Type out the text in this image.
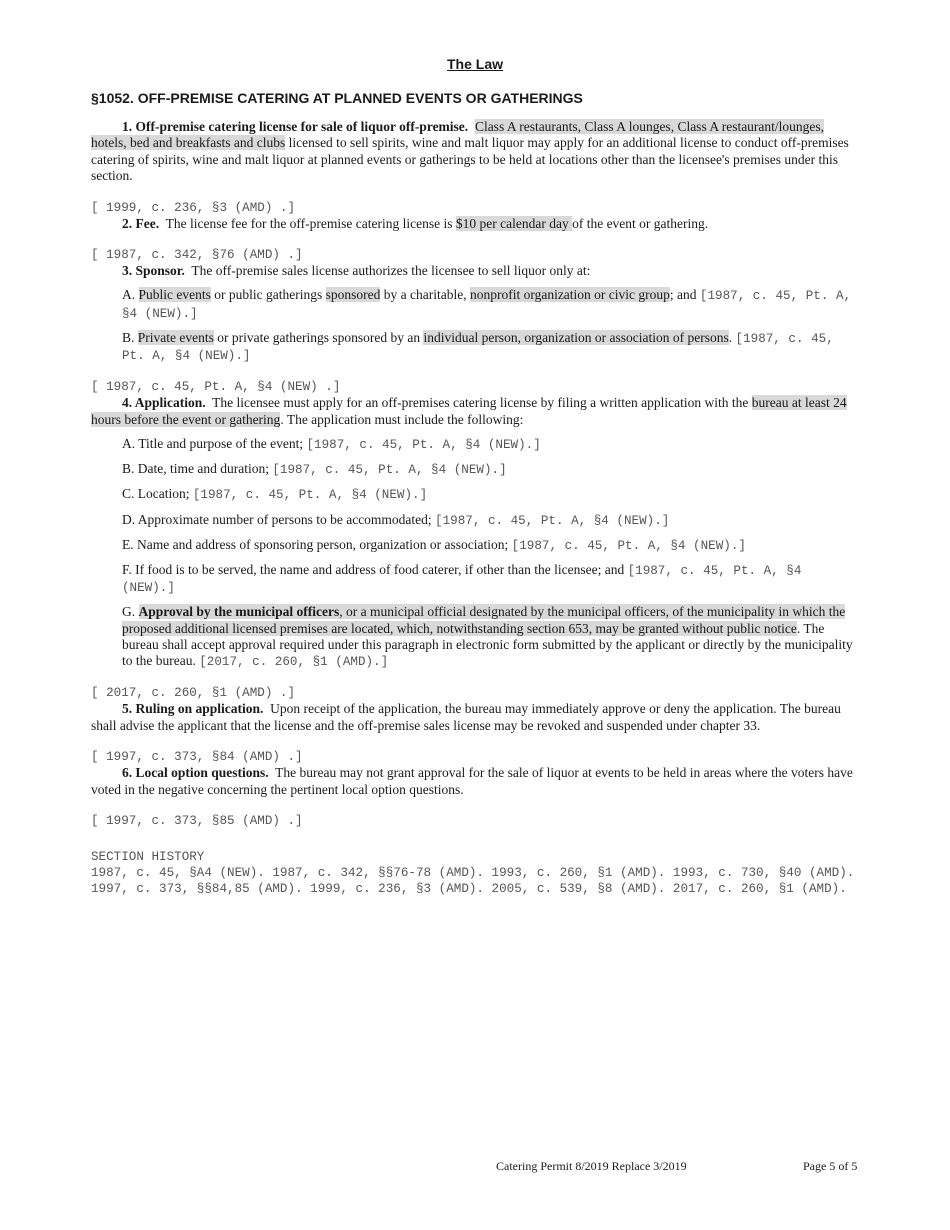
The Law
§1052. OFF-PREMISE CATERING AT PLANNED EVENTS OR GATHERINGS

1. Off-premise catering license for sale of liquor off-premise. Class A restaurants, Class A lounges, Class A restaurant/lounges, hotels, bed and breakfasts and clubs licensed to sell spirits, wine and malt liquor may apply for an additional license to conduct off-premises catering of spirits, wine and malt liquor at planned events or gatherings to be held at locations other than the licensee's premises under this section.

[ 1999, c. 236, §3 (AMD) .]

2. Fee. The license fee for the off-premise catering license is $10 per calendar day of the event or gathering.

[ 1987, c. 342, §76 (AMD) .]

3. Sponsor. The off-premise sales license authorizes the licensee to sell liquor only at:

A. Public events or public gatherings sponsored by a charitable, nonprofit organization or civic group; and [1987, c. 45, Pt. A, §4 (NEW).]

B. Private events or private gatherings sponsored by an individual person, organization or association of persons. [1987, c. 45, Pt. A, §4 (NEW).]

[ 1987, c. 45, Pt. A, §4 (NEW) .]

4. Application. The licensee must apply for an off-premises catering license by filing a written application with the bureau at least 24 hours before the event or gathering. The application must include the following:

A. Title and purpose of the event; [1987, c. 45, Pt. A, §4 (NEW).]

B. Date, time and duration; [1987, c. 45, Pt. A, §4 (NEW).]

C. Location; [1987, c. 45, Pt. A, §4 (NEW).]

D. Approximate number of persons to be accommodated; [1987, c. 45, Pt. A, §4 (NEW).]

E. Name and address of sponsoring person, organization or association; [1987, c. 45, Pt. A, §4 (NEW).]

F. If food is to be served, the name and address of food caterer, if other than the licensee; and [1987, c. 45, Pt. A, §4 (NEW).]

G. Approval by the municipal officers, or a municipal official designated by the municipal officers, of the municipality in which the proposed additional licensed premises are located, which, notwithstanding section 653, may be granted without public notice. The bureau shall accept approval required under this paragraph in electronic form submitted by the applicant or directly by the municipality to the bureau. [2017, c. 260, §1 (AMD).]

[ 2017, c. 260, §1 (AMD) .]

5. Ruling on application. Upon receipt of the application, the bureau may immediately approve or deny the application. The bureau shall advise the applicant that the license and the off-premise sales license may be revoked and suspended under chapter 33.

[ 1997, c. 373, §84 (AMD) .]

6. Local option questions. The bureau may not grant approval for the sale of liquor at events to be held in areas where the voters have voted in the negative concerning the pertinent local option questions.

[ 1997, c. 373, §85 (AMD) .]
SECTION HISTORY
1987, c. 45, §A4 (NEW). 1987, c. 342, §§76-78 (AMD). 1993, c. 260, §1 (AMD). 1993, c. 730, §40 (AMD). 1997, c. 373, §§84,85 (AMD). 1999, c. 236, §3 (AMD). 2005, c. 539, §8 (AMD). 2017, c. 260, §1 (AMD).
Catering Permit 8/2019 Replace 3/2019	Page 5 of 5
